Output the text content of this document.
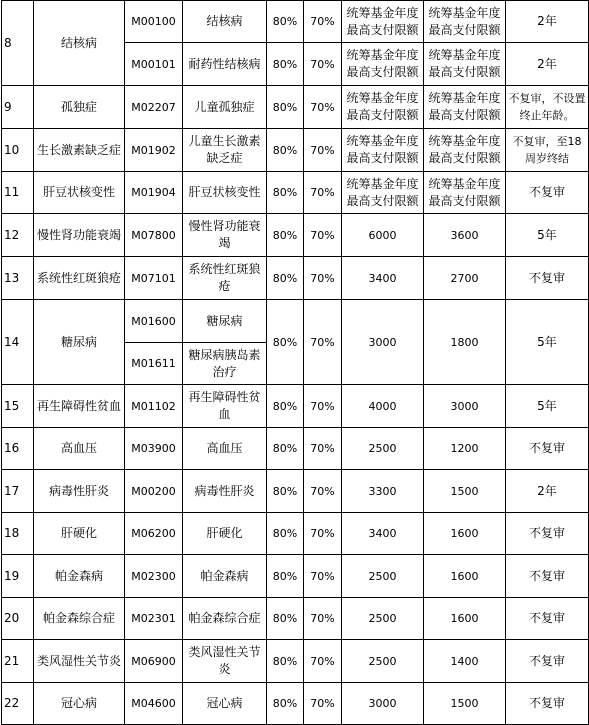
8	结核病	M00100	结核病	80%	70%	统筹基金年度最高支付限额	统筹基金年度最高支付限额	2年
		M00101	耐药性结核病	80%	70%	统筹基金年度最高支付限额	统筹基金年度最高支付限额	2年
9	孤独症	M02207	儿童孤独症	80%	70%	统筹基金年度最高支付限额	统筹基金年度最高支付限额	不复审，不设置终止年龄。
10	生长激素缺乏症	M01902	儿童生长激素缺乏症	80%	70%	统筹基金年度最高支付限额	统筹基金年度最高支付限额	不复审，至18周岁终结
11	肝豆状核变性	M01904	肝豆状核变性	80%	70%	统筹基金年度最高支付限额	统筹基金年度最高支付限额	不复审
12	慢性肾功能衰竭	M07800	慢性肾功能衰竭	80%	70%	6000	3600	5年
13	系统性红斑狼疮	M07101	系统性红斑狼疮	80%	70%	3400	2700	不复审
14	糖尿病	M01600	糖尿病	80%	70%	3000	1800	5年
		M01611	糖尿病胰岛素治疗					
15	再生障碍性贫血	M01102	再生障碍性贫血	80%	70%	4000	3000	5年
16	高血压	M03900	高血压	80%	70%	2500	1200	不复审
17	病毒性肝炎	M00200	病毒性肝炎	80%	70%	3300	1500	2年
18	肝硬化	M06200	肝硬化	80%	70%	3400	1600	不复审
19	帕金森病	M02300	帕金森病	80%	70%	2500	1600	不复审
20	帕金森综合症	M02301	帕金森综合症	80%	70%	2500	1600	不复审
21	类风湿性关节炎	M06900	类风湿性关节炎	80%	70%	2500	1400	不复审
22	冠心病	M04600	冠心病	80%	70%	3000	1500	不复审
